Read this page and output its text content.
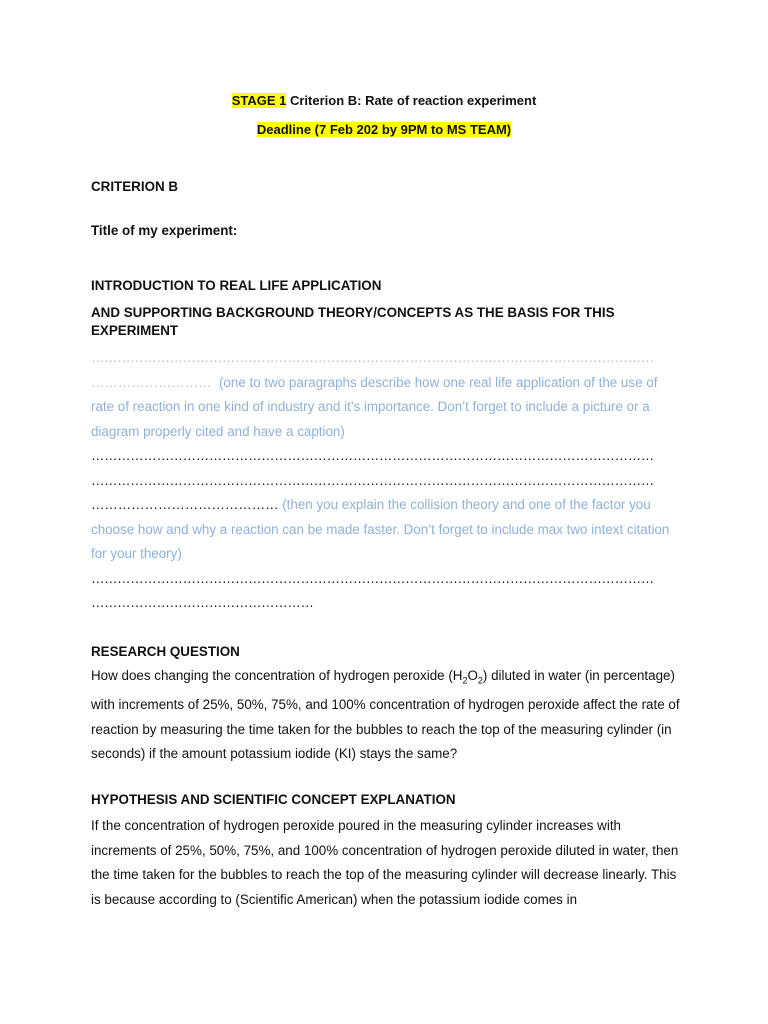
STAGE 1 Criterion B: Rate of reaction experiment
Deadline (7 Feb 202 by 9PM to MS TEAM)
CRITERION B
Title of my experiment:
INTRODUCTION TO REAL LIFE APPLICATION
AND SUPPORTING BACKGROUND THEORY/CONCEPTS AS THE BASIS FOR THIS EXPERIMENT
…………………………………………………………………………………………………………………
……………………… (one to two paragraphs describe how one real life application of the use of rate of reaction in one kind of industry and it’s importance. Don’t forget to include a picture or a diagram properly cited and have a caption)
…………………………………………………………………………………………………………………
…………………………………………………………………………………………………………………
…………………………………… (then you explain the collision theory and one of the factor you choose how and why a reaction can be made faster. Don’t forget to include max two intext citation for your theory)
…………………………………………………………………………………………………………………
……………………………………………
RESEARCH QUESTION
How does changing the concentration of hydrogen peroxide $(H_2O_2)$ diluted in water (in percentage) with increments of 25%, 50%, 75%, and 100% concentration of hydrogen peroxide affect the rate of reaction by measuring the time taken for the bubbles to reach the top of the measuring cylinder (in seconds) if the amount potassium iodide (KI) stays the same?
HYPOTHESIS AND SCIENTIFIC CONCEPT EXPLANATION
If the concentration of hydrogen peroxide poured in the measuring cylinder increases with increments of 25%, 50%, 75%, and 100% concentration of hydrogen peroxide diluted in water, then the time taken for the bubbles to reach the top of the measuring cylinder will decrease linearly. This is because according to (Scientific American) when the potassium iodide comes in
